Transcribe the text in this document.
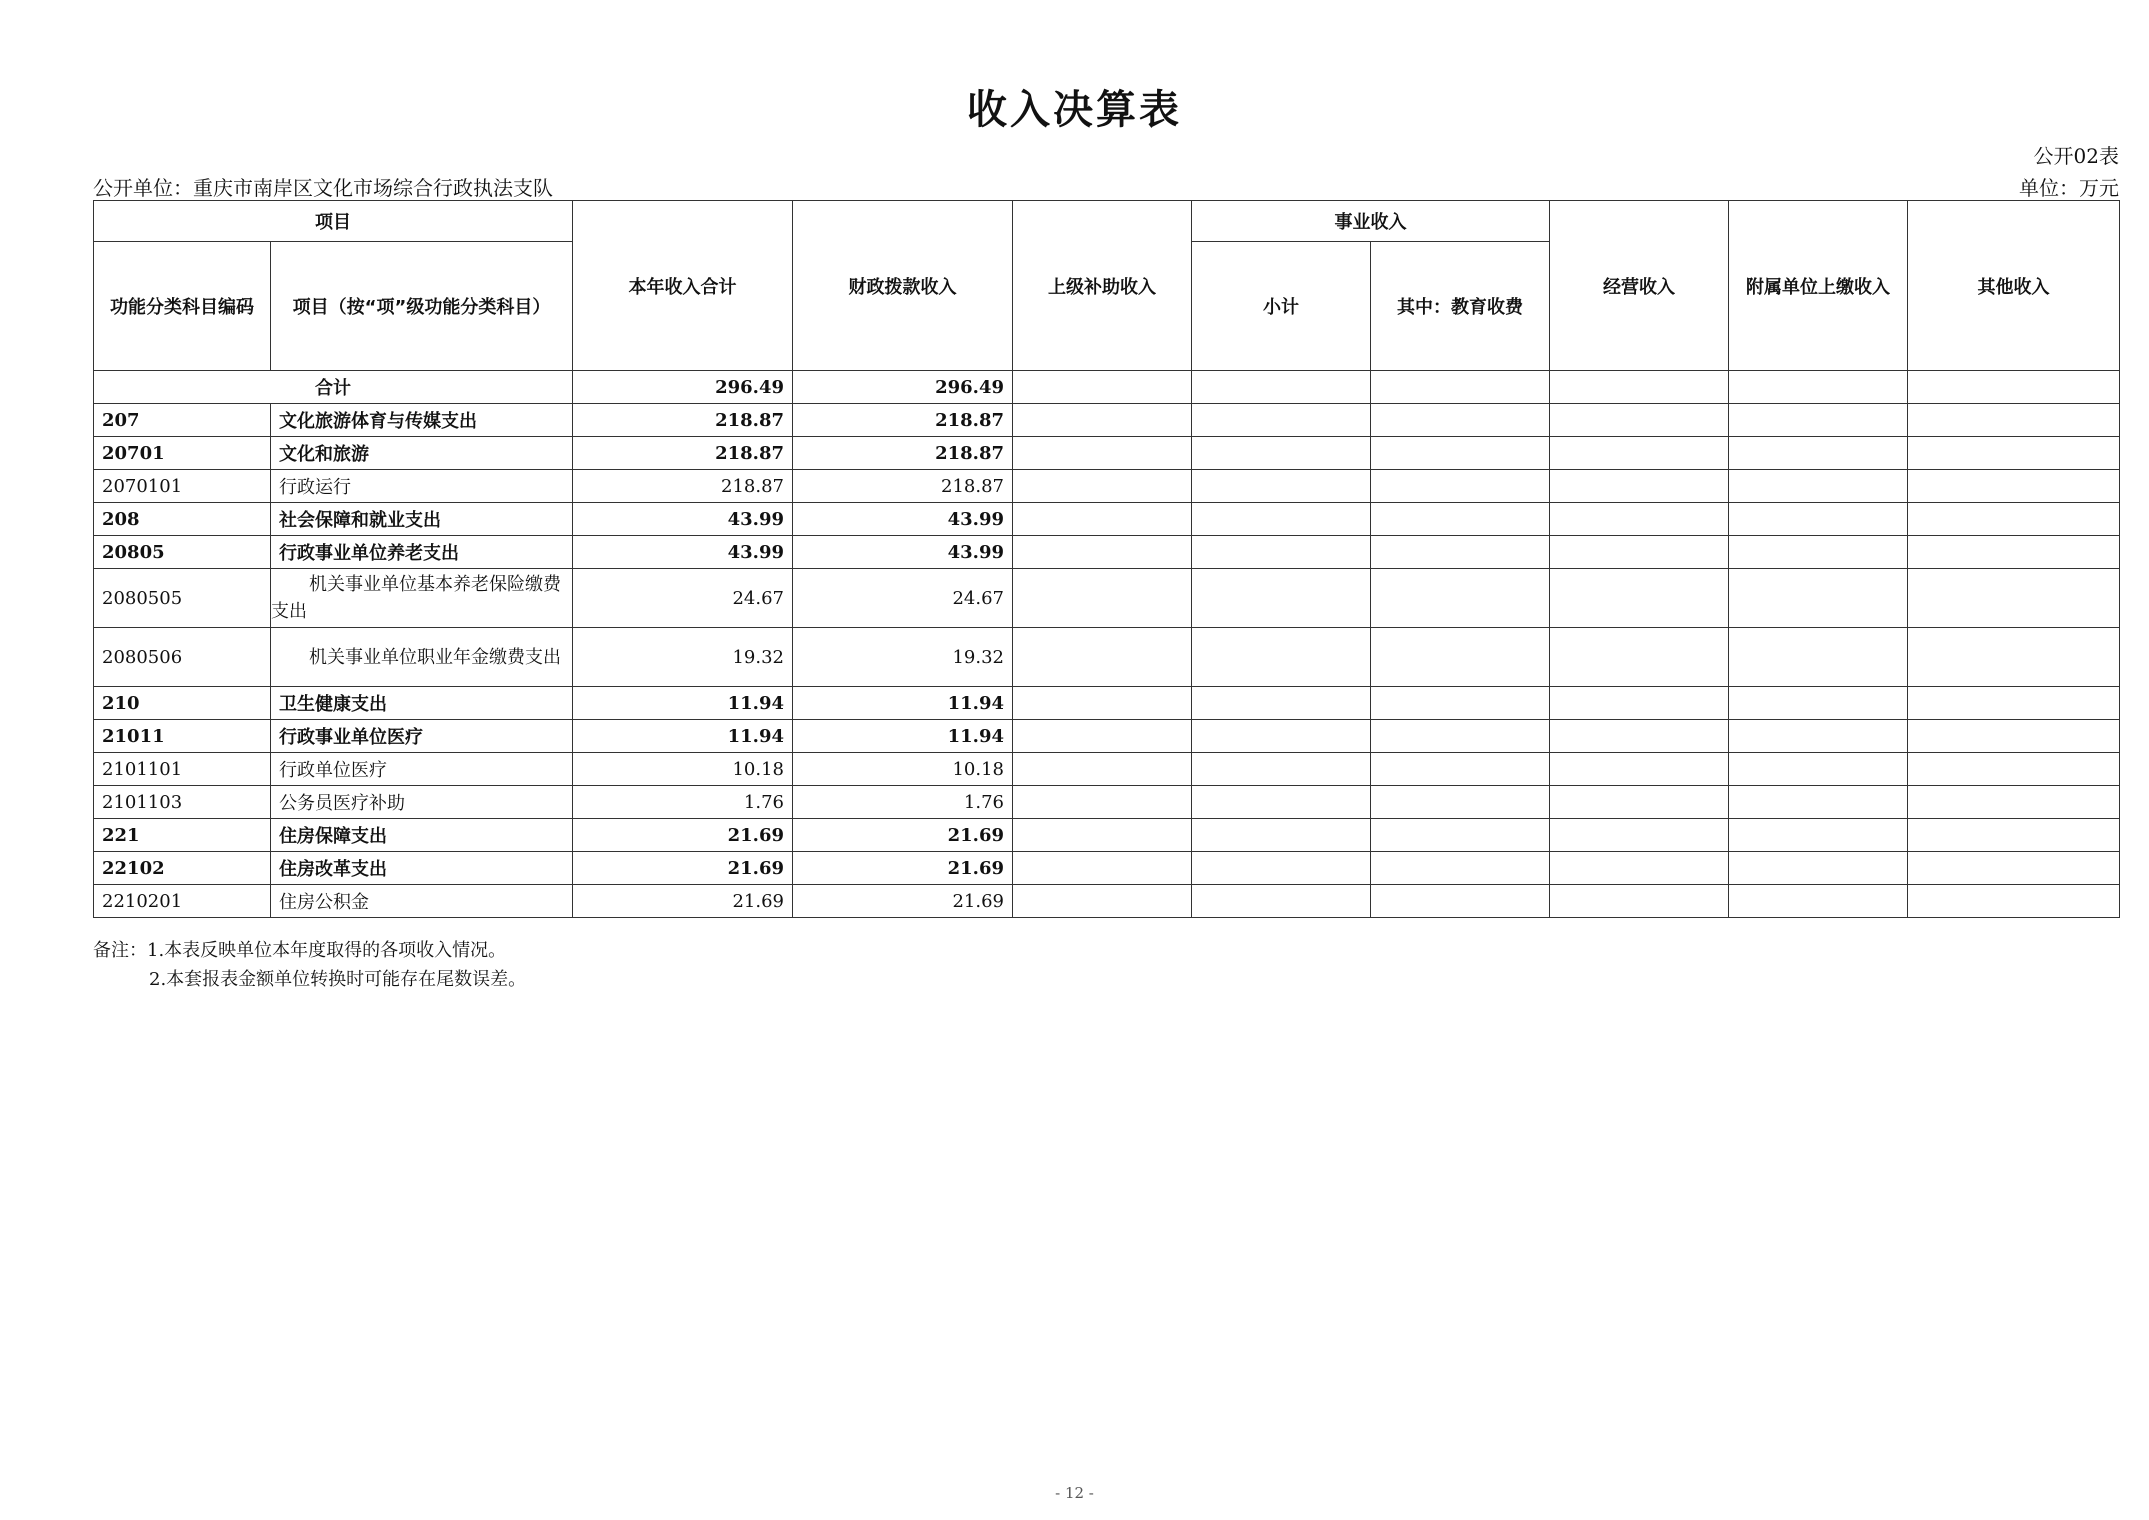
收入决算表
公开02表
公开单位：重庆市南岸区文化市场综合行政执法支队	单位：万元
项目		本年收入合计	财政拨款收入	上级补助收入	事业收入		经营收入	附属单位上缴收入	其他收入
功能分类科目编码	项目（按“项”级功能分类科目）				小计	其中：教育收费			
合计		296.49	296.49						
207	文化旅游体育与传媒支出	218.87	218.87						
20701	文化和旅游	218.87	218.87						
2070101	行政运行	218.87	218.87						
208	社会保障和就业支出	43.99	43.99						
20805	行政事业单位养老支出	43.99	43.99						
2080505	机关事业单位基本养老保险缴费支出	24.67	24.67						
2080506	机关事业单位职业年金缴费支出	19.32	19.32						
210	卫生健康支出	11.94	11.94						
21011	行政事业单位医疗	11.94	11.94						
2101101	行政单位医疗	10.18	10.18						
2101103	公务员医疗补助	1.76	1.76						
221	住房保障支出	21.69	21.69						
22102	住房改革支出	21.69	21.69						
2210201	住房公积金	21.69	21.69						
备注：1.本表反映单位本年度取得的各项收入情况。
2.本套报表金额单位转换时可能存在尾数误差。
- 12 -
